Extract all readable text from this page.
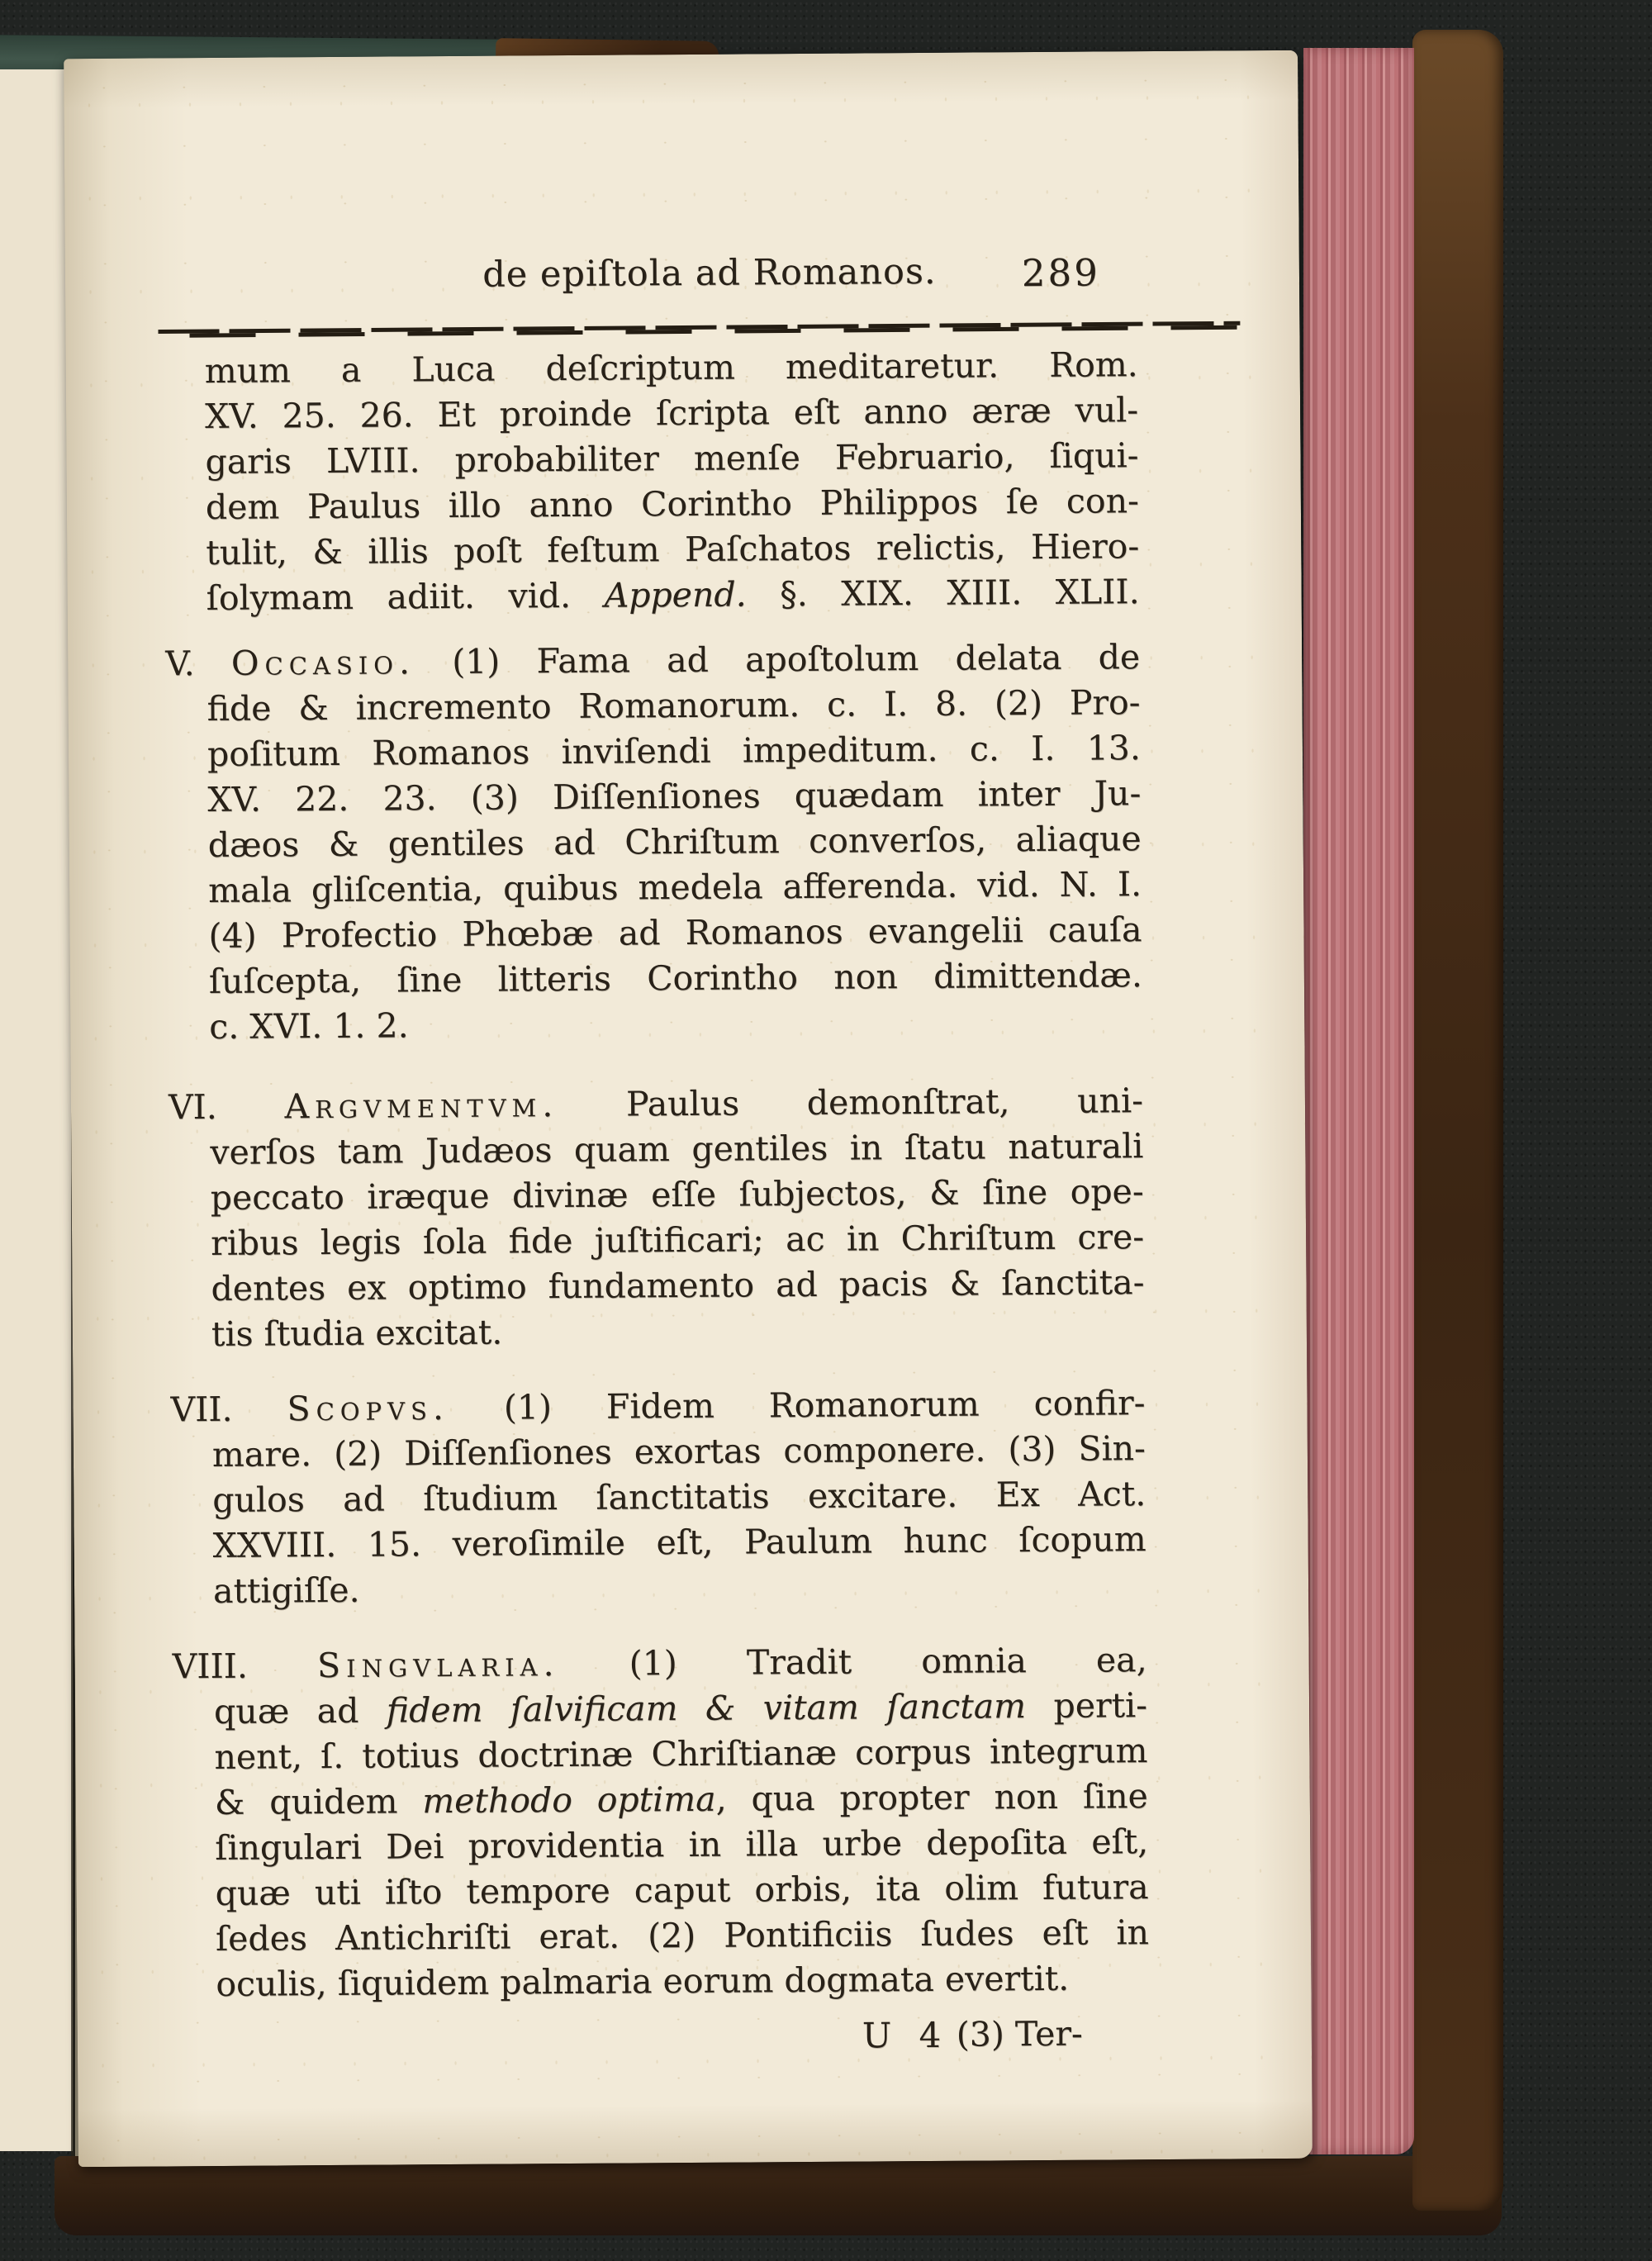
de epiſtola ad Romanos.	289
mum a Luca deſcriptum meditaretur. Rom.
XV. 25. 26. Et proinde ſcripta eſt anno æræ vul-
garis LVIII. probabiliter menſe Februario, ſiqui-
dem Paulus illo anno Corintho Philippos ſe con-
tulit, & illis poſt feſtum Paſchatos relictis, Hiero-
ſolymam adiit. vid. Append. §. XIX. XIII. XLII.
V. Occasio. (1) Fama ad apoſtolum delata de
fide & incremento Romanorum. c. I. 8. (2) Pro-
poſitum Romanos inviſendi impeditum. c. I. 13.
XV. 22. 23. (3) Diſſenſiones quædam inter Ju-
dæos & gentiles ad Chriſtum converſos, aliaque
mala gliſcentia, quibus medela afferenda. vid. N. I.
(4) Profectio Phœbæ ad Romanos evangelii cauſa
ſuſcepta, ſine litteris Corintho non dimittendæ.
c. XVI. 1. 2.
VI. Argvmentvm. Paulus demonſtrat, uni-
verſos tam Judæos quam gentiles in ſtatu naturali
peccato iræque divinæ eſſe ſubjectos, & ſine ope-
ribus legis ſola fide juſtificari; ac in Chriſtum cre-
dentes ex optimo fundamento ad pacis & ſanctita-
tis ſtudia excitat.
VII. Scopvs. (1) Fidem Romanorum confir-
mare. (2) Diſſenſiones exortas componere. (3) Sin-
gulos ad ſtudium ſanctitatis excitare. Ex Act.
XXVIII. 15. veroſimile eſt, Paulum hunc ſcopum
attigiſſe.
VIII. Singvlaria. (1) Tradit omnia ea,
quæ ad fidem ſalvificam & vitam ſanctam perti-
nent, ſ. totius doctrinæ Chriſtianæ corpus integrum
& quidem methodo optima, qua propter non ſine
ſingulari Dei providentia in illa urbe depoſita eſt,
quæ uti iſto tempore caput orbis, ita olim futura
ſedes Antichriſti erat. (2) Pontificiis ſudes eſt in
oculis, ſiquidem palmaria eorum dogmata evertit.
U 4 (3) Ter-
